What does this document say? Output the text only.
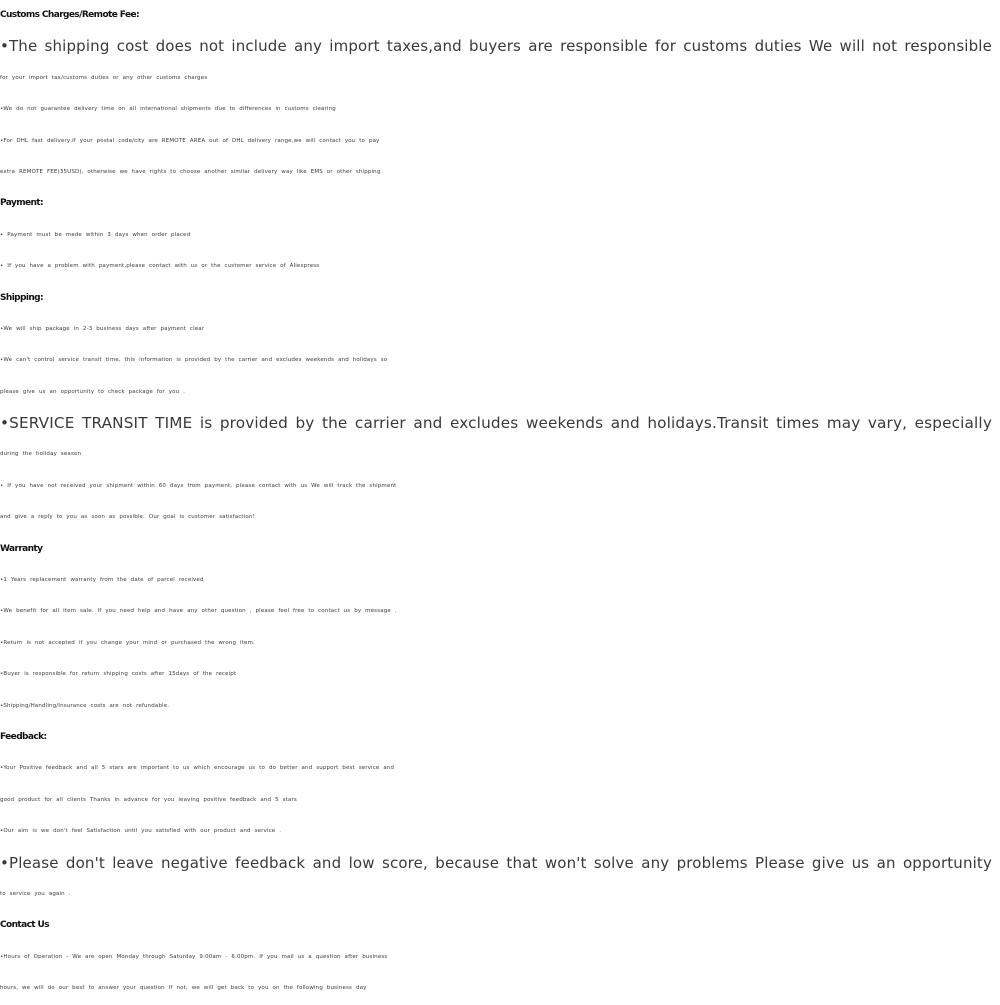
Customs Charges/Remote Fee:
•The shipping cost does not include any import taxes,and buyers are responsible for customs duties We will not responsible
for your import tax/customs duties or any other customs charges
•We do not guarantee delivery time on all international shipments due to differences in customs clearing
•For DHL fast delivery,if your postal code/city are REMOTE AREA out of DHL delivery range,we will contact you to pay
extra REMOTE FEE(35USD), otherwise we have rights to choose another similar delivery way like EMS or other shipping
Payment:
• Payment must be made within 3 days when order placed
• If you have a problem with payment,please contact with us or the customer service of Aliexpress
Shipping:
•We will ship package in 2-3 business days after payment clear
•We can't control service transit time, this information is provided by the carrier and excludes weekends and holidays so
please give us an opportunity to check package for you .
•SERVICE TRANSIT TIME is provided by the carrier and excludes weekends and holidays.Transit times may vary, especially
during the holiday season
• If you have not received your shipment within 60 days from payment, please contact with us We will track the shipment
and give a reply to you as soon as possible. Our goal is customer satisfaction!
Warranty
•1 Years replacement warranty from the date of parcel received
•We benefit for all item sale. If you need help and have any other question , please feel free to contact us by message .
•Return is not accepted if you change your mind or purchased the wrong item.
•Buyer is responsible for return shipping costs after 15days of the receipt
•Shipping/Handling/Insurance costs are not refundable.
Feedback:
•Your Positive feedback and all 5 stars are important to us which encourage us to do better and support best service and
good product for all clients Thanks in advance for you leaving positive feedback and 5 stars
•Our aim is we don't feel Satisfaction until you satisfied with our product and service .
•Please don't leave negative feedback and low score, because that won't solve any problems Please give us an opportunity
to service you again .
Contact Us
•Hours of Operation - We are open Monday through Saturday 9:00am - 6:00pm. If you mail us a question after business
hours, we will do our best to answer your question If not, we will get back to you on the following business day
